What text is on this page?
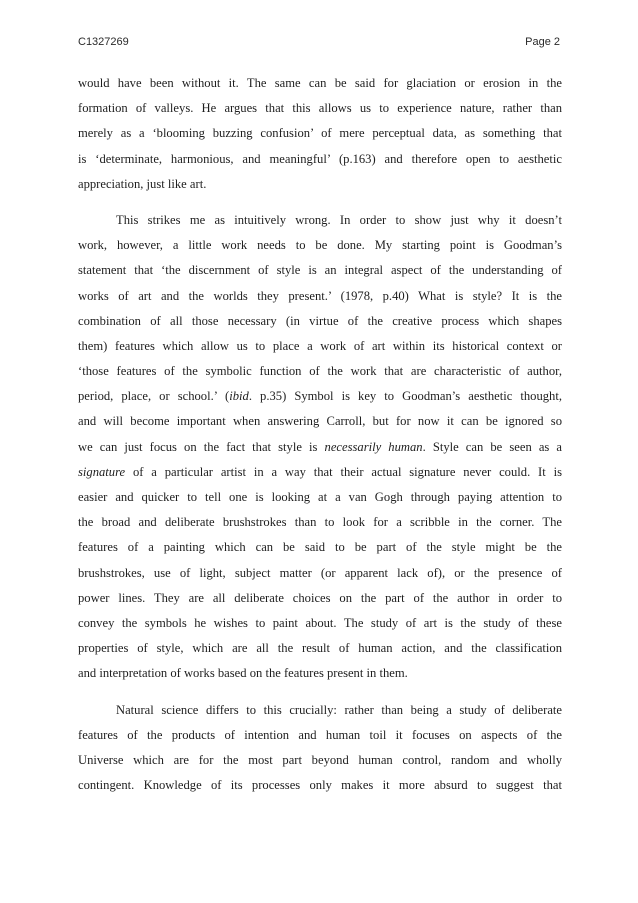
C1327269	Page 2
would have been without it. The same can be said for glaciation or erosion in the
formation of valleys. He argues that this allows us to experience nature, rather than
merely as a ‘blooming buzzing confusion’ of mere perceptual data, as something that
is ‘determinate, harmonious, and meaningful’ (p.163) and therefore open to aesthetic
appreciation, just like art.
This strikes me as intuitively wrong. In order to show just why it doesn’t
work, however, a little work needs to be done. My starting point is Goodman’s
statement that ‘the discernment of style is an integral aspect of the understanding of
works of art and the worlds they present.’ (1978, p.40) What is style? It is the
combination of all those necessary (in virtue of the creative process which shapes
them) features which allow us to place a work of art within its historical context or
‘those features of the symbolic function of the work that are characteristic of author,
period, place, or school.’ (ibid. p.35) Symbol is key to Goodman’s aesthetic thought,
and will become important when answering Carroll, but for now it can be ignored so
we can just focus on the fact that style is necessarily human. Style can be seen as a
signature of a particular artist in a way that their actual signature never could. It is
easier and quicker to tell one is looking at a van Gogh through paying attention to
the broad and deliberate brushstrokes than to look for a scribble in the corner. The
features of a painting which can be said to be part of the style might be the
brushstrokes, use of light, subject matter (or apparent lack of), or the presence of
power lines. They are all deliberate choices on the part of the author in order to
convey the symbols he wishes to paint about. The study of art is the study of these
properties of style, which are all the result of human action, and the classification
and interpretation of works based on the features present in them.
Natural science differs to this crucially: rather than being a study of deliberate
features of the products of intention and human toil it focuses on aspects of the
Universe which are for the most part beyond human control, random and wholly
contingent. Knowledge of its processes only makes it more absurd to suggest that
